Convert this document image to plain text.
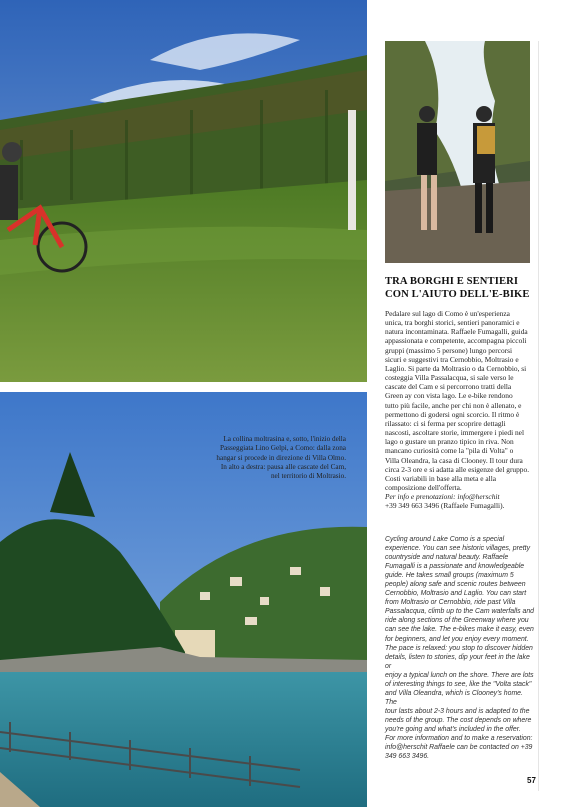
La collina moltrasina e, sotto, l'inizio della
Passeggiata Lino Gelpi, a Como: dalla zona
hangar si procede in direzione di Villa Olmo.
In alto a destra: pausa alle cascate del Cam,
nel territorio di Moltrasio.
TRA BORGHI E SENTIERI
CON L'AIUTO DELL'E-BIKE
Pedalare sul lago di Como è un'esperienza
unica, tra borghi storici, sentieri panoramici e
natura incontaminata. Raffaele Fumagalli, guida
appassionata e competente, accompagna piccoli
gruppi (massimo 5 persone) lungo percorsi
sicuri e suggestivi tra Cernobbio, Moltrasio e
Laglio. Si parte da Moltrasio o da Cernobbio, si
costeggia Villa Passalacqua, si sale verso le
cascate del Cam e si percorrono tratti della
Green ay con vista lago. Le e-bike rendono
tutto più facile, anche per chi non è allenato, e
permettono di godersi ogni scorcio. Il ritmo è
rilassato: ci si ferma per scoprire dettagli
nascosti, ascoltare storie, immergere i piedi nel
lago o gustare un pranzo tipico in riva. Non
mancano curiosità come la "pila di Volta" o
Villa Oleandra, la casa di Clooney. Il tour dura
circa 2-3 ore e si adatta alle esigenze del gruppo.
Costi variabili in base alla meta e alla
composizione dell'offerta.
Per info e prenotazioni: info@herschit
+39 349 663 3496 (Raffaele Fumagalli).
Cycling around Lake Como is a special
experience. You can see historic villages, pretty
countryside and natural beauty. Raffaele
Fumagalli is a passionate and knowledgeable
guide. He takes small groups (maximum 5
people) along safe and scenic routes between
Cernobbio, Moltrasio and Laglio. You can start
from Moltrasio or Cernobbio, ride past Villa
Passalacqua, climb up to the Cam waterfalls and
ride along sections of the Greenway where you
can see the lake. The e-bikes make it easy, even
for beginners, and let you enjoy every moment.
The pace is relaxed: you stop to discover hidden
details, listen to stories, dip your feet in the lake or
enjoy a typical lunch on the shore. There are lots
of interesting things to see, like the "Volta stack"
and Villa Oleandra, which is Clooney's home. The
tour lasts about 2-3 hours and is adapted to the
needs of the group. The cost depends on where
you're going and what's included in the offer.
For more information and to make a reservation:
info@herschit Raffaele can be contacted on +39
349 663 3496.
57
